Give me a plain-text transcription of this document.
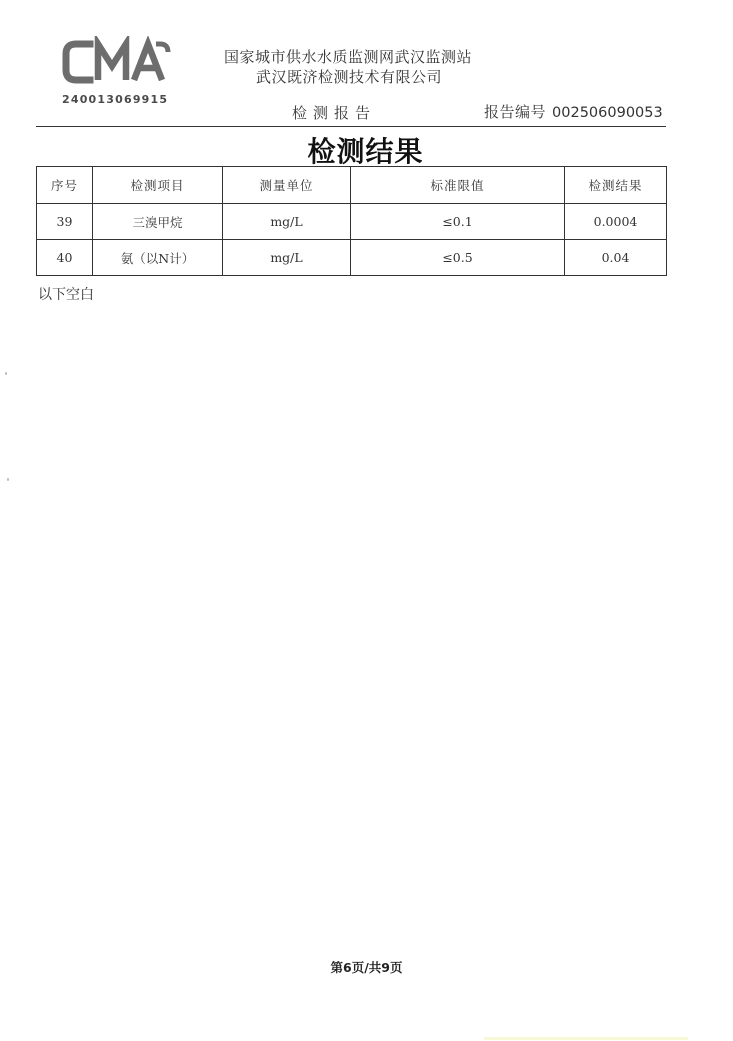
240013069915
国家城市供水水质监测网武汉监测站
武汉既济检测技术有限公司
检测报告	报告编号 002506090053
检测结果
序号	检测项目	测量单位	标准限值	检测结果
39	三溴甲烷	mg/L	≤0.1	0.0004
40	氨（以N计）	mg/L	≤0.5	0.04
以下空白
第6页/共9页
